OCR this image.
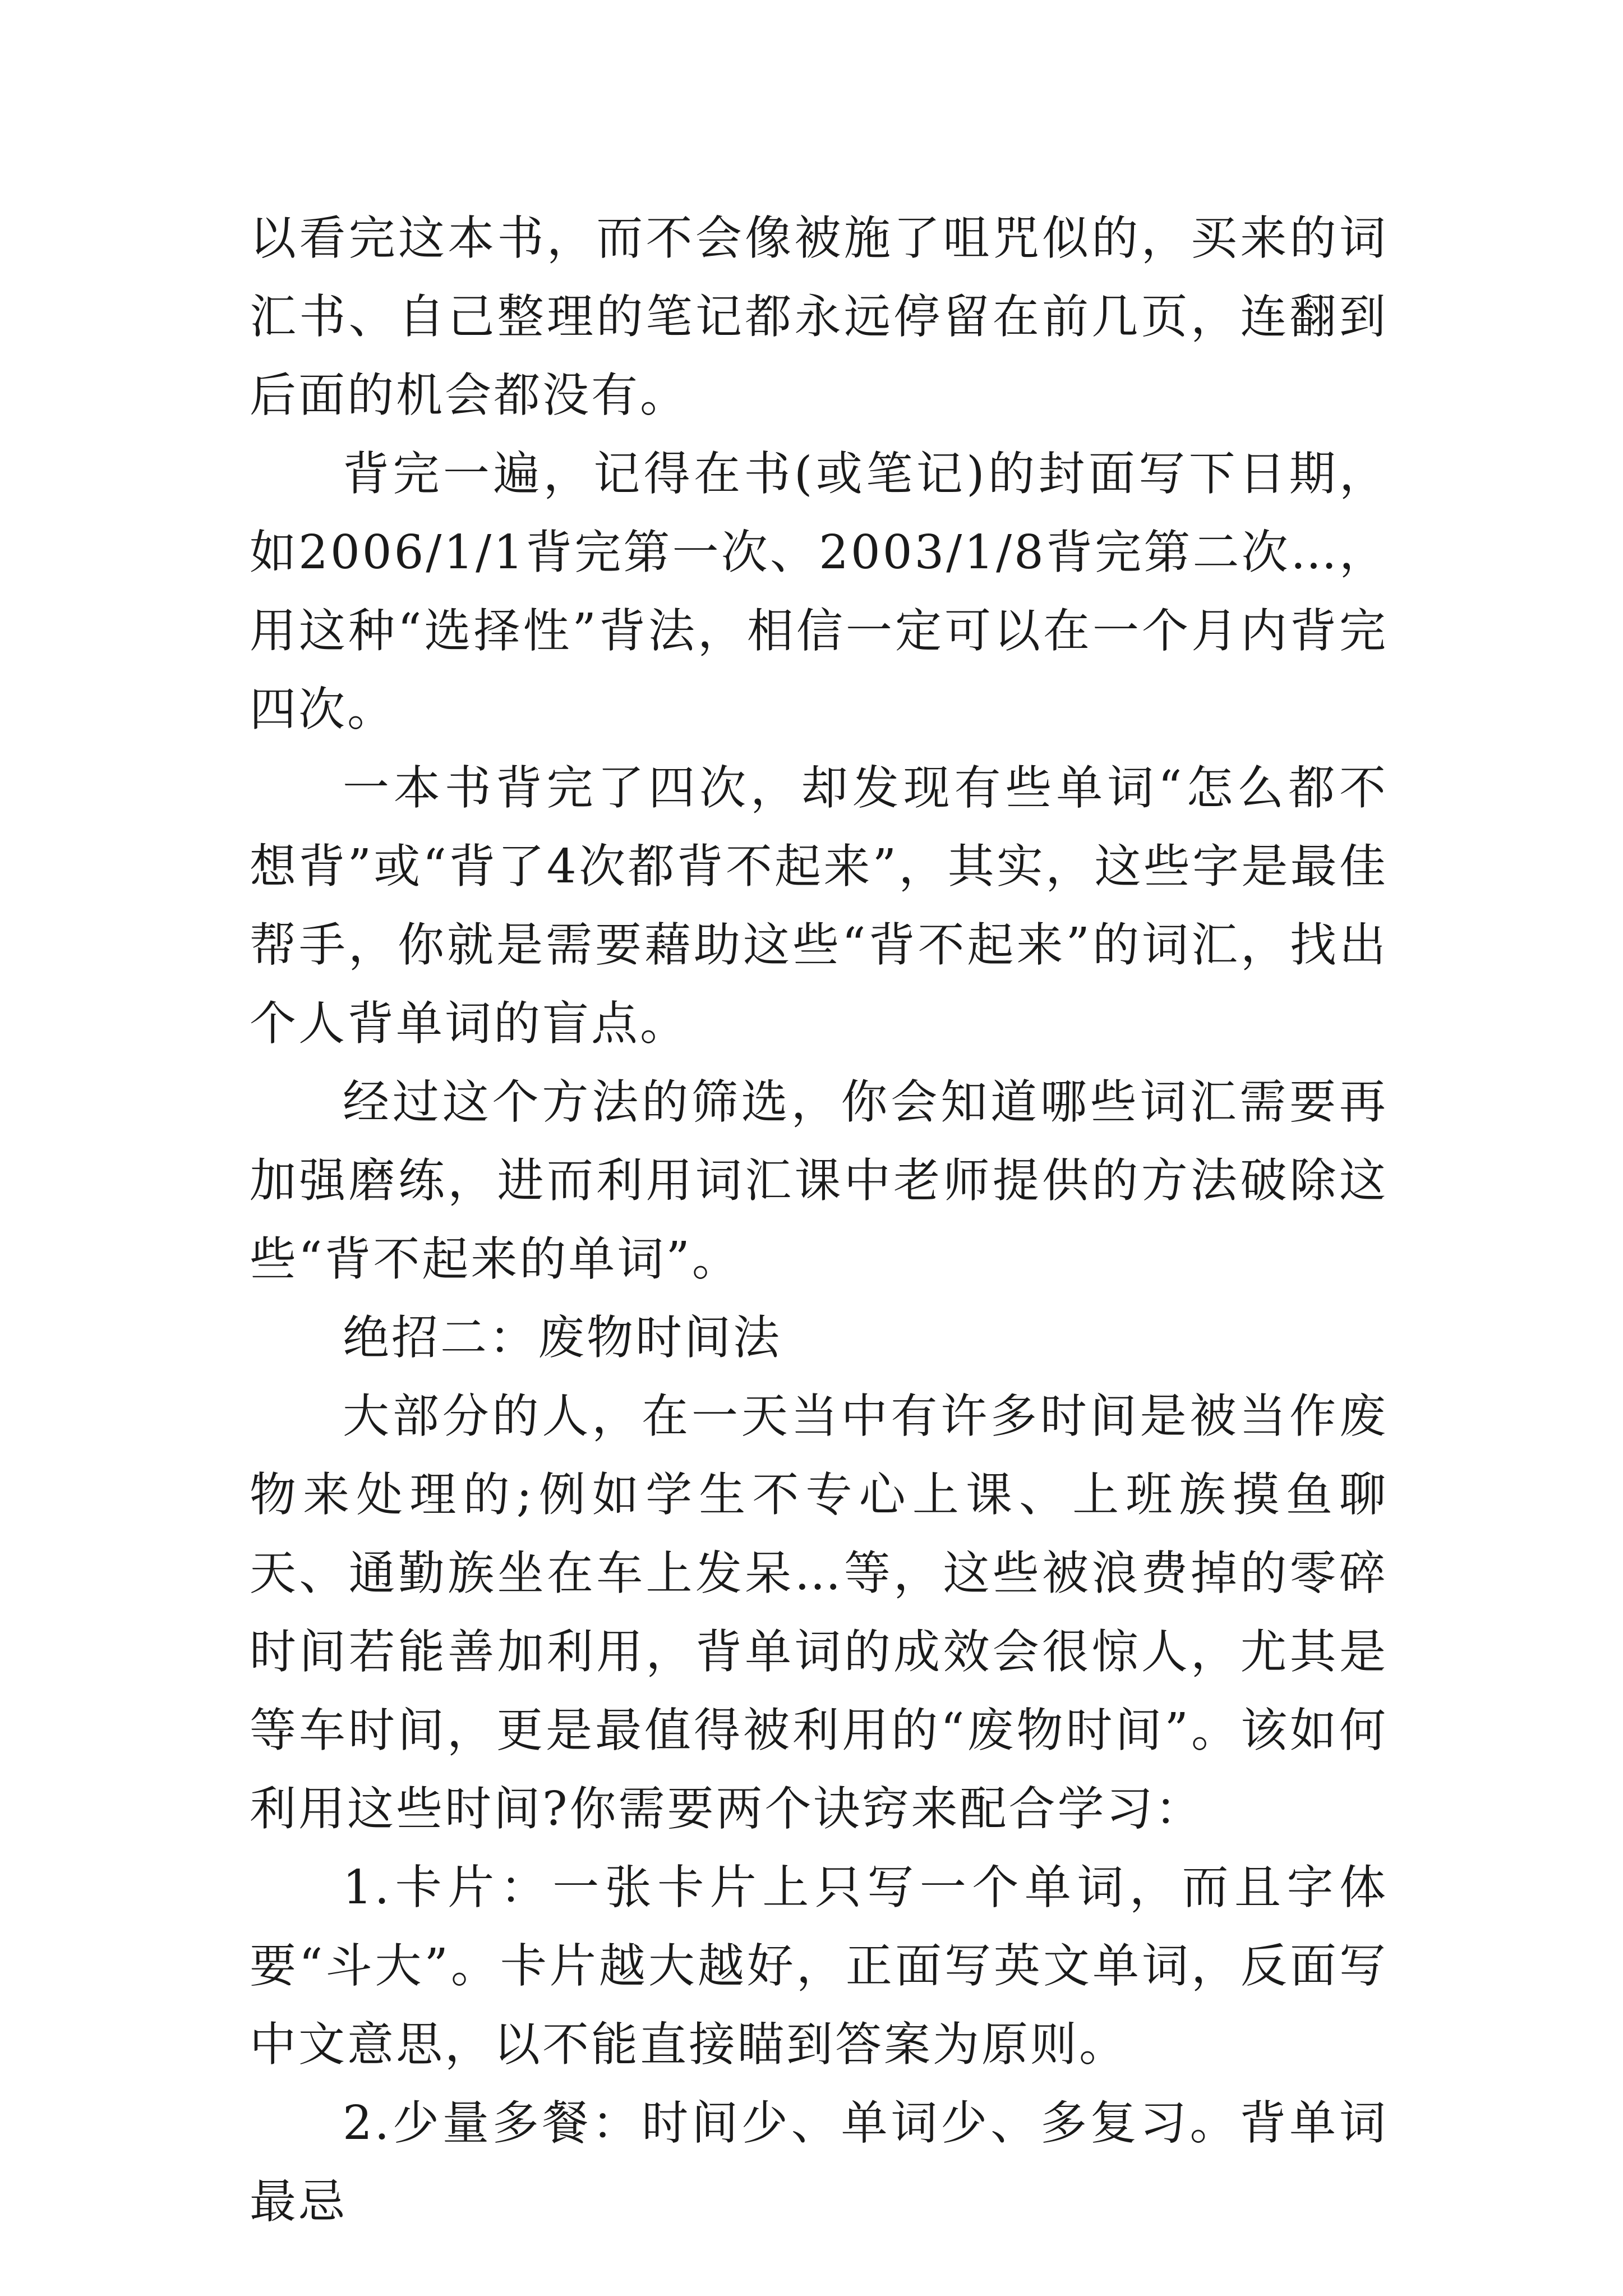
以看完这本书，而不会像被施了咀咒似的，买来的词汇书、自己整理的笔记都永远停留在前几页，连翻到后面的机会都没有。

背完一遍，记得在书(或笔记)的封面写下日期，如2006/1/1背完第一次、2003/1/8背完第二次…，用这种“选择性”背法，相信一定可以在一个月内背完四次。

一本书背完了四次，却发现有些单词“怎么都不想背”或“背了4次都背不起来”，其实，这些字是最佳帮手，你就是需要藉助这些“背不起来”的词汇，找出个人背单词的盲点。

经过这个方法的筛选，你会知道哪些词汇需要再加强磨练，进而利用词汇课中老师提供的方法破除这些“背不起来的单词”。

绝招二：废物时间法

大部分的人，在一天当中有许多时间是被当作废物来处理的;例如学生不专心上课、上班族摸鱼聊天、通勤族坐在车上发呆…等，这些被浪费掉的零碎时间若能善加利用，背单词的成效会很惊人，尤其是等车时间，更是最值得被利用的“废物时间”。该如何利用这些时间?你需要两个诀窍来配合学习：

1.卡片：一张卡片上只写一个单词，而且字体要“斗大”。卡片越大越好，正面写英文单词，反面写中文意思，以不能直接瞄到答案为原则。

2.少量多餐：时间少、单词少、多复习。背单词最忌
